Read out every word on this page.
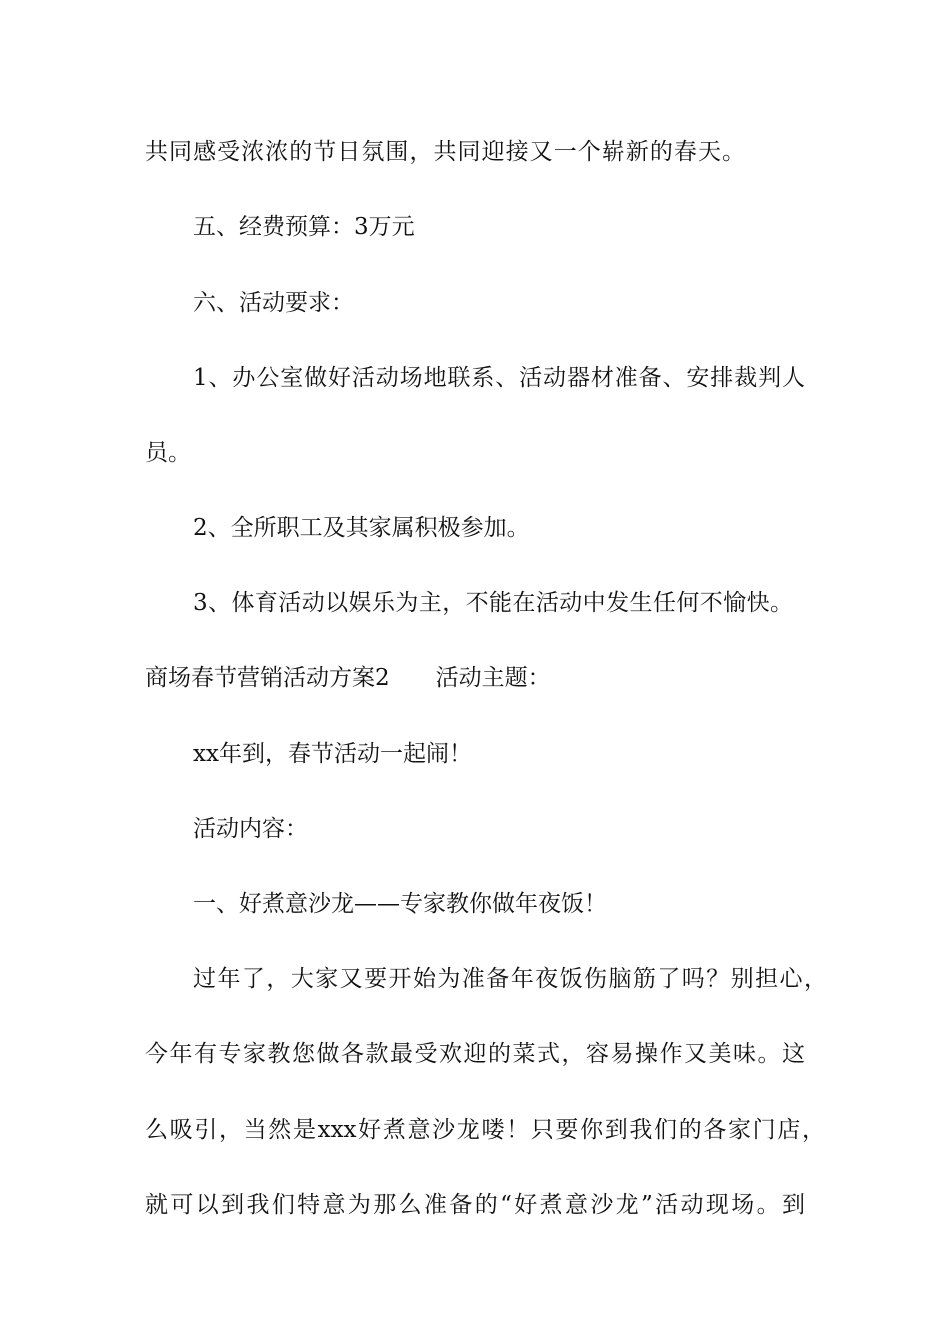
共同感受浓浓的节日氛围，共同迎接又一个崭新的春天。
五、经费预算：3万元
六、活动要求：
1、办公室做好活动场地联系、活动器材准备、安排裁判人
员。
2、全所职工及其家属积极参加。
3、体育活动以娱乐为主，不能在活动中发生任何不愉快。
商场春节营销活动方案2 活动主题：
xx年到，春节活动一起闹！
活动内容：
一、好煮意沙龙——专家教你做年夜饭！
过年了，大家又要开始为准备年夜饭伤脑筋了吗？别担心，
今年有专家教您做各款最受欢迎的菜式，容易操作又美味。这
么吸引，当然是xxx好煮意沙龙喽！只要你到我们的各家门店，
就可以到我们特意为那么准备的“好煮意沙龙”活动现场。到
